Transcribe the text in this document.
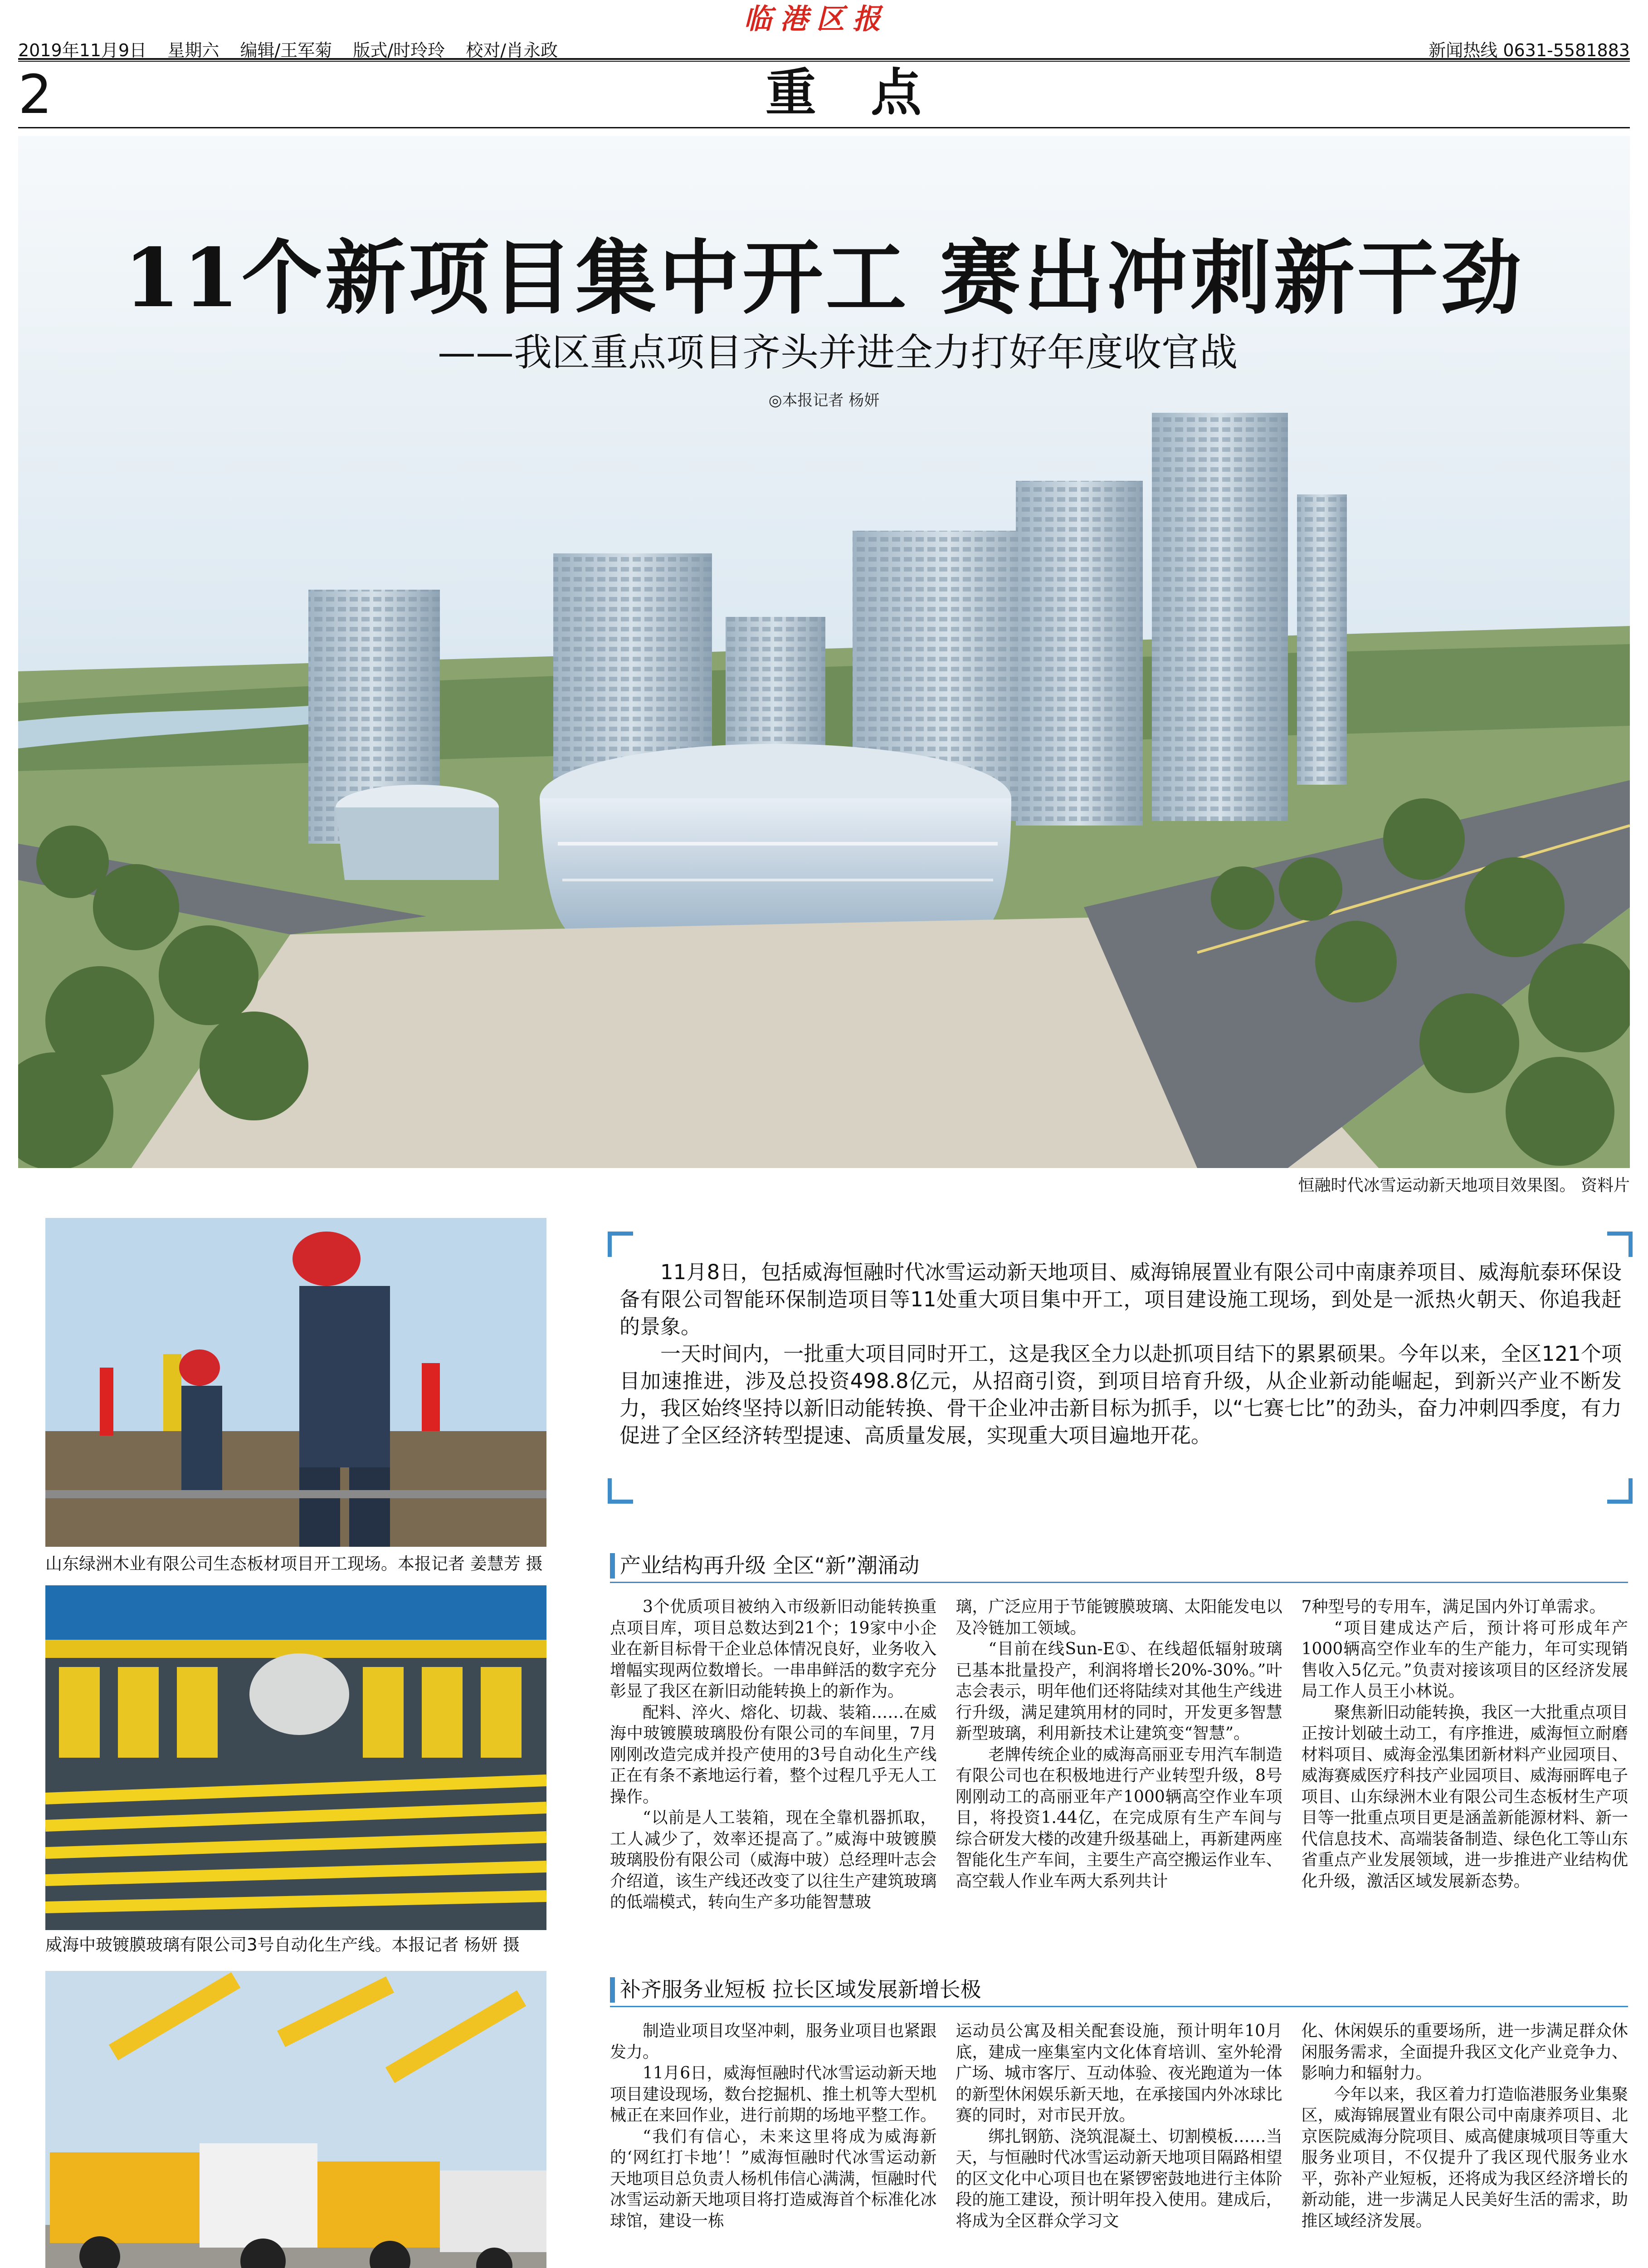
2019年11月9日 星期六 编辑/王军菊 版式/时玲玲 校对/肖永政
临港区报
新闻热线 0631-5581883
2	重点
11个新项目集中开工 赛出冲刺新干劲
——我区重点项目齐头并进全力打好年度收官战
◎本报记者 杨妍
恒融时代冰雪运动新天地项目效果图。 资料片
山东绿洲木业有限公司生态板材项目开工现场。本报记者 姜慧芳 摄
威海中玻镀膜玻璃有限公司3号自动化生产线。本报记者 杨妍 摄

11月8日，包括威海恒融时代冰雪运动新天地项目、威海锦展置业有限公司中南康养项目、威海航泰环保设备有限公司智能环保制造项目等11处重大项目集中开工，项目建设施工现场，到处是一派热火朝天、你追我赶的景象。

一天时间内，一批重大项目同时开工，这是我区全力以赴抓项目结下的累累硕果。今年以来，全区121个项目加速推进，涉及总投资498.8亿元，从招商引资，到项目培育升级，从企业新动能崛起，到新兴产业不断发力，我区始终坚持以新旧动能转换、骨干企业冲击新目标为抓手，以“七赛七比”的劲头，奋力冲刺四季度，有力促进了全区经济转型提速、高质量发展，实现重大项目遍地开花。

产业结构再升级 全区“新”潮涌动

3个优质项目被纳入市级新旧动能转换重点项目库，项目总数达到21个；19家中小企业在新目标骨干企业总体情况良好，业务收入增幅实现两位数增长。一串串鲜活的数字充分彰显了我区在新旧动能转换上的新作为。

配料、淬火、熔化、切裁、装箱……在威海中玻镀膜玻璃股份有限公司的车间里，7月刚刚改造完成并投产使用的3号自动化生产线正在有条不紊地运行着，整个过程几乎无人工操作。

“以前是人工装箱，现在全靠机器抓取，工人减少了，效率还提高了。”威海中玻镀膜玻璃股份有限公司（威海中玻）总经理叶志会介绍道，该生产线还改变了以往生产建筑玻璃的低端模式，转向生产多功能智慧玻

璃，广泛应用于节能镀膜玻璃、太阳能发电以及冷链加工领域。

“目前在线Sun-E①、在线超低辐射玻璃已基本批量投产，利润将增长20%-30%。”叶志会表示，明年他们还将陆续对其他生产线进行升级，满足建筑用材的同时，开发更多智慧新型玻璃，利用新技术让建筑变“智慧”。

老牌传统企业的威海高丽亚专用汽车制造有限公司也在积极地进行产业转型升级，8号刚刚动工的高丽亚年产1000辆高空作业车项目，将投资1.44亿，在完成原有生产车间与综合研发大楼的改建升级基础上，再新建两座智能化生产车间，主要生产高空搬运作业车、高空载人作业车两大系列共计

7种型号的专用车，满足国内外订单需求。

“项目建成达产后，预计将可形成年产1000辆高空作业车的生产能力，年可实现销售收入5亿元。”负责对接该项目的区经济发展局工作人员王小林说。

聚焦新旧动能转换，我区一大批重点项目正按计划破土动工，有序推进，威海恒立耐磨材料项目、威海金泓集团新材料产业园项目、威海赛威医疗科技产业园项目、威海丽晖电子项目、山东绿洲木业有限公司生态板材生产项目等一批重点项目更是涵盖新能源材料、新一代信息技术、高端装备制造、绿色化工等山东省重点产业发展领域，进一步推进产业结构优化升级，激活区域发展新态势。

补齐服务业短板 拉长区域发展新增长极

制造业项目攻坚冲刺，服务业项目也紧跟发力。

11月6日，威海恒融时代冰雪运动新天地项目建设现场，数台挖掘机、推土机等大型机械正在来回作业，进行前期的场地平整工作。

“我们有信心，未来这里将成为威海新的‘网红打卡地’！”威海恒融时代冰雪运动新天地项目总负责人杨机伟信心满满，恒融时代冰雪运动新天地项目将打造威海首个标准化冰球馆，建设一栋

运动员公寓及相关配套设施，预计明年10月底，建成一座集室内文化体育培训、室外轮滑广场、城市客厅、互动体验、夜光跑道为一体的新型休闲娱乐新天地，在承接国内外冰球比赛的同时，对市民开放。

绑扎钢筋、浇筑混凝土、切割模板……当天，与恒融时代冰雪运动新天地项目隔路相望的区文化中心项目也在紧锣密鼓地进行主体阶段的施工建设，预计明年投入使用。建成后，将成为全区群众学习文

化、休闲娱乐的重要场所，进一步满足群众休闲服务需求，全面提升我区文化产业竞争力、影响力和辐射力。

今年以来，我区着力打造临港服务业集聚区，威海锦展置业有限公司中南康养项目、北京医院威海分院项目、威高健康城项目等重大服务业项目，不仅提升了我区现代服务业水平，弥补产业短板，还将成为我区经济增长的新动能，进一步满足人民美好生活的需求，助推区域经济发展。
